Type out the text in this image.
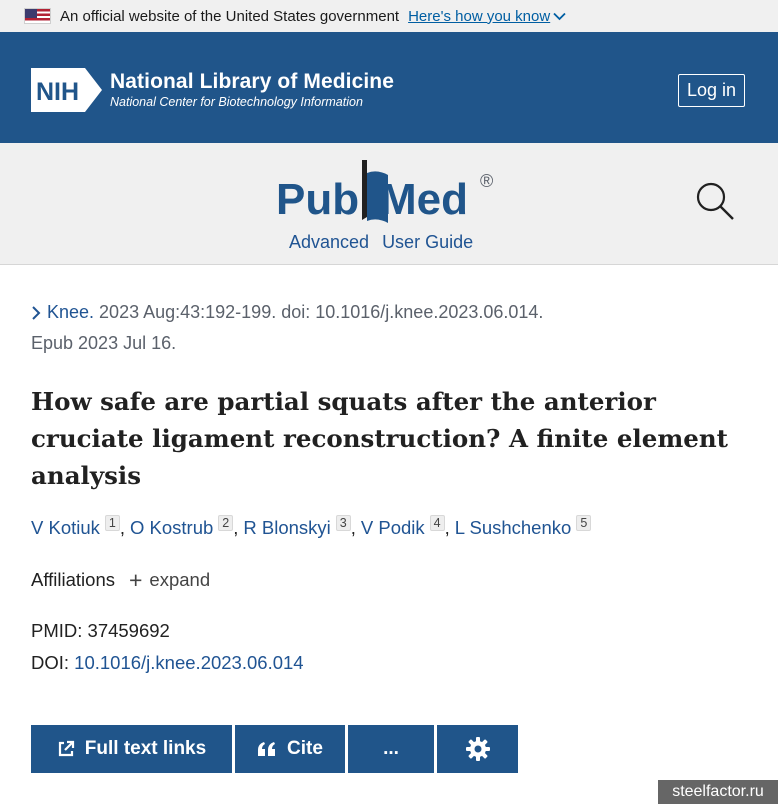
An official website of the United States government Here's how you know
NIH National Library of Medicine
National Center for Biotechnology Information
Log in
Pub Med ®
Advanced User Guide
Knee. 2023 Aug:43:192-199. doi: 10.1016/j.knee.2023.06.014.
Epub 2023 Jul 16.
How safe are partial squats after the anterior cruciate ligament reconstruction? A finite element analysis
V Kotiuk 1 , O Kostrub 2 , R Blonskyi 3 , V Podik 4 , L Sushchenko 5
Affiliations + expand
PMID: 37459692
DOI: 10.1016/j.knee.2023.06.014
Full text links	Cite	...
steelfactor.ru
